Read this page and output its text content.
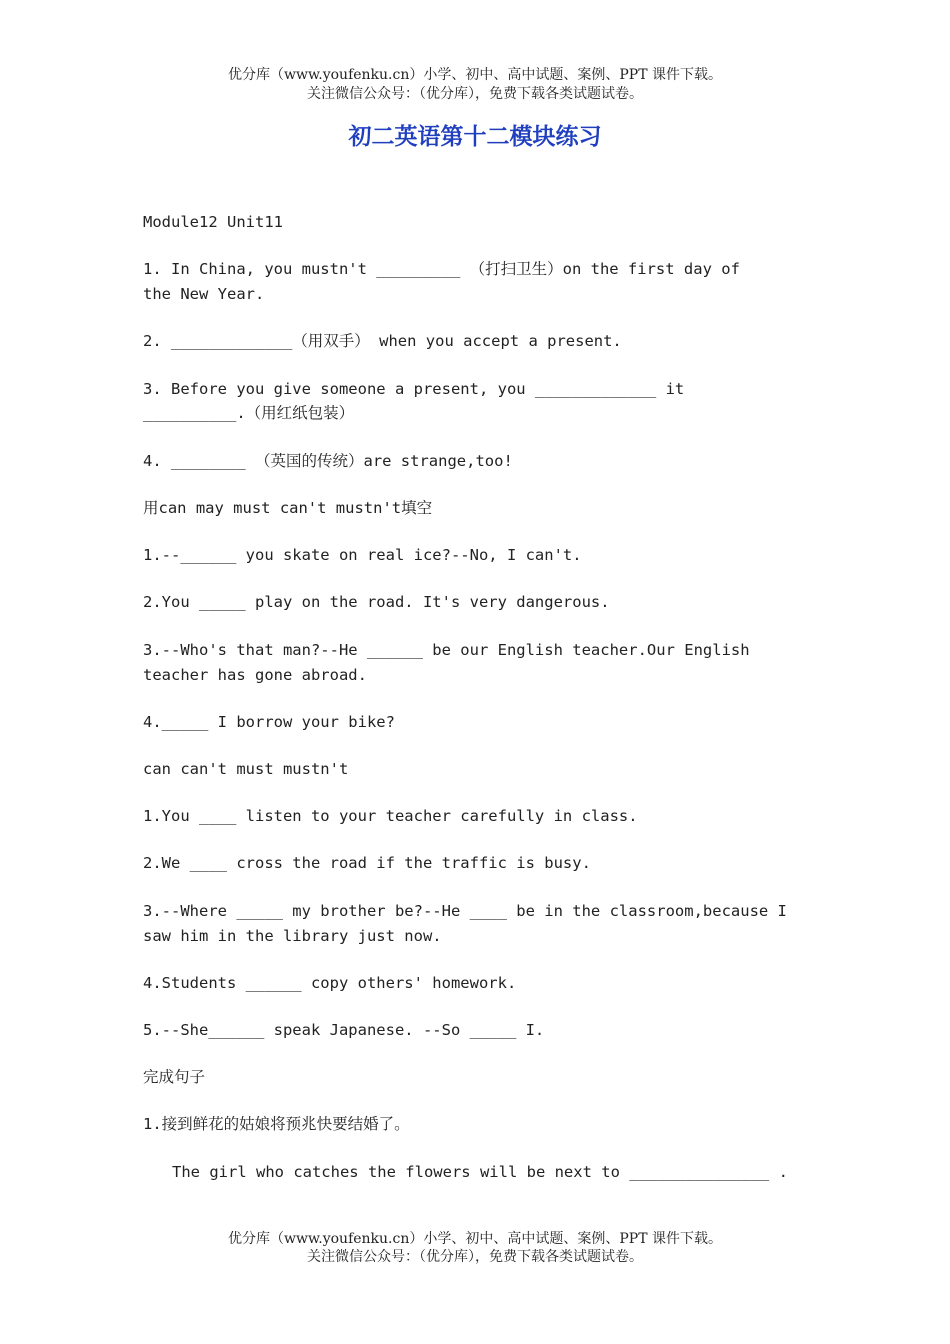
优分库（www.youfenku.cn）小学、初中、高中试题、案例、PPT 课件下载。
关注微信公众号：（优分库），免费下载各类试题试卷。
初二英语第十二模块练习
Module12 Unit11
1. In China, you mustn't _________ （打扫卫生）on the first day of
the New Year.
2. _____________（用双手） when you accept a present.
3. Before you give someone a present, you _____________ it
__________.（用红纸包装）
4. ________ （英国的传统）are strange,too!
用can may must can't mustn't填空
1.--______ you skate on real ice?--No, I can't.
2.You _____ play on the road. It's very dangerous.
3.--Who's that man?--He ______ be our English teacher.Our English
teacher has gone abroad.
4._____ I borrow your bike?
can can't must mustn't
1.You ____ listen to your teacher carefully in class.
2.We ____ cross the road if the traffic is busy.
3.--Where _____ my brother be?--He ____ be in the classroom,because I
saw him in the library just now.
4.Students ______ copy others' homework.
5.--She______ speak Japanese. --So _____ I.
完成句子
1.接到鲜花的姑娘将预兆快要结婚了。
The girl who catches the flowers will be next to _______________ .
优分库（www.youfenku.cn）小学、初中、高中试题、案例、PPT 课件下载。
关注微信公众号：（优分库），免费下载各类试题试卷。
